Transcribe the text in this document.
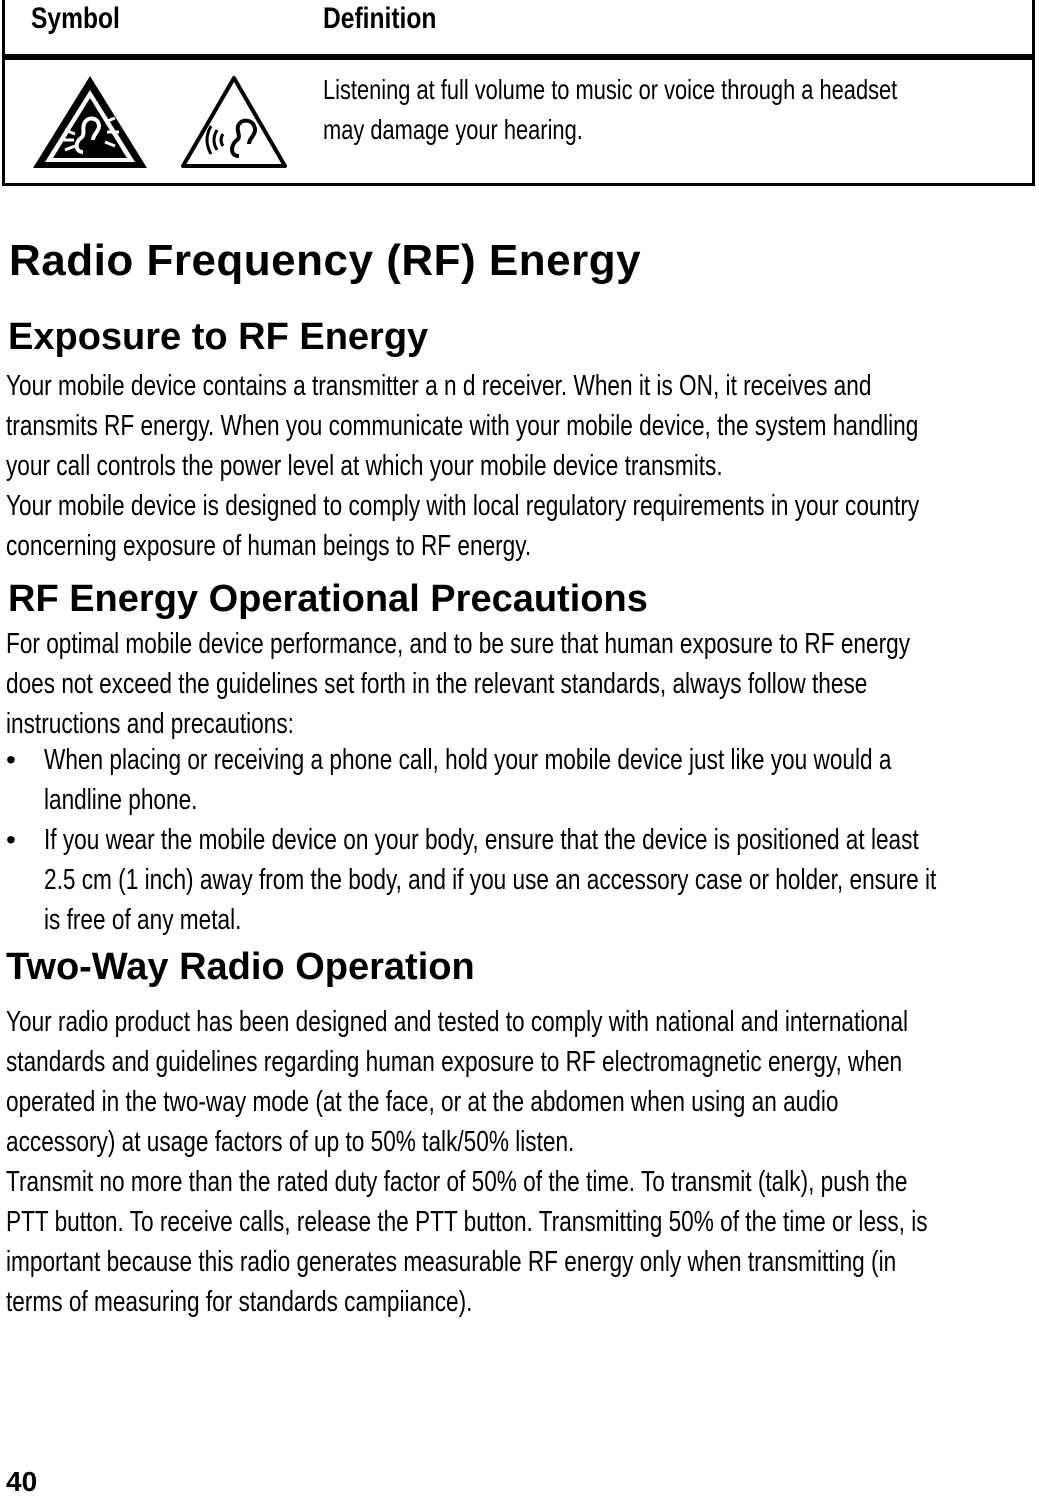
Symbol	Definition
Listening at full volume to music or voice through a headset
may damage your hearing.
Radio Frequency (RF) Energy
Exposure to RF Energy
Your mobile device contains a transmitter a n d receiver. When it is ON, it receives and
transmits RF energy. When you communicate with your mobile device, the system handling
your call controls the power level at which your mobile device transmits.
Your mobile device is designed to comply with local regulatory requirements in your country
concerning exposure of human beings to RF energy.
RF Energy Operational Precautions
For optimal mobile device performance, and to be sure that human exposure to RF energy
does not exceed the guidelines set forth in the relevant standards, always follow these
instructions and precautions:
• When placing or receiving a phone call, hold your mobile device just like you would a
landline phone.
• If you wear the mobile device on your body, ensure that the device is positioned at least
2.5 cm (1 inch) away from the body, and if you use an accessory case or holder, ensure it
is free of any metal.
Two-Way Radio Operation
Your radio product has been designed and tested to comply with national and international
standards and guidelines regarding human exposure to RF electromagnetic energy, when
operated in the two-way mode (at the face, or at the abdomen when using an audio
accessory) at usage factors of up to 50% talk/50% listen.
Transmit no more than the rated duty factor of 50% of the time. To transmit (talk), push the
PTT button. To receive calls, release the PTT button. Transmitting 50% of the time or less, is
important because this radio generates measurable RF energy only when transmitting (in
terms of measuring for standards campiiance).
40
